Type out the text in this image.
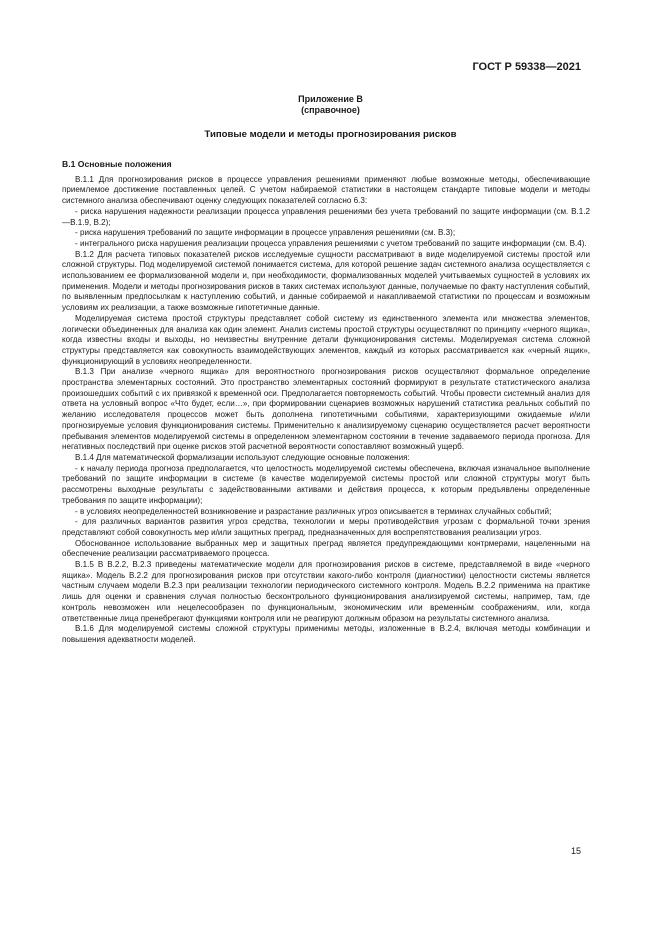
ГОСТ Р 59338—2021
Приложение В
(справочное)
Типовые модели и методы прогнозирования рисков
В.1 Основные положения

В.1.1 Для прогнозирования рисков в процессе управления решениями применяют любые возможные методы, обеспечивающие приемлемое достижение поставленных целей. С учетом набираемой статистики в настоящем стандарте типовые модели и методы системного анализа обеспечивают оценку следующих показателей согласно 6.3:

- риска нарушения надежности реализации процесса управления решениями без учета требований по защите информации (см. В.1.2—В.1.9, В.2);

- риска нарушения требований по защите информации в процессе управления решениями (см. В.3);

- интегрального риска нарушения реализации процесса управления решениями с учетом требований по защите информации (см. В.4).

В.1.2 Для расчета типовых показателей рисков исследуемые сущности рассматривают в виде моделируемой системы простой или сложной структуры. Под моделируемой системой понимается система, для которой решение задач системного анализа осуществляется с использованием ее формализованной модели и, при необходимости, формализованных моделей учитываемых сущностей в условиях их применения. Модели и методы прогнозирования рисков в таких системах используют данные, получаемые по факту наступления событий, по выявленным предпосылкам к наступлению событий, и данные собираемой и накапливаемой статистики по процессам и возможным условиям их реализации, а также возможные гипотетичные данные.

Моделируемая система простой структуры представляет собой систему из единственного элемента или множества элементов, логически объединенных для анализа как один элемент. Анализ системы простой структуры осуществляют по принципу «черного ящика», когда известны входы и выходы, но неизвестны внутренние детали функционирования системы. Моделируемая система сложной структуры представляется как совокупность взаимодействующих элементов, каждый из которых рассматривается как «черный ящик», функционирующий в условиях неопределенности.

В.1.3 При анализе «черного ящика» для вероятностного прогнозирования рисков осуществляют формальное определение пространства элементарных состояний. Это пространство элементарных состояний формируют в результате статистического анализа произошедших событий с их привязкой к временной оси. Предполагается повторяемость событий. Чтобы провести системный анализ для ответа на условный вопрос «Что будет, если…», при формировании сценариев возможных нарушений статистика реальных событий по желанию исследователя процессов может быть дополнена гипотетичными событиями, характеризующими ожидаемые и/или прогнозируемые условия функционирования системы. Применительно к анализируемому сценарию осуществляется расчет вероятности пребывания элементов моделируемой системы в определенном элементарном состоянии в течение задаваемого периода прогноза. Для негативных последствий при оценке рисков этой расчетной вероятности сопоставляют возможный ущерб.

В.1.4 Для математической формализации используют следующие основные положения:

- к началу периода прогноза предполагается, что целостность моделируемой системы обеспечена, включая изначальное выполнение требований по защите информации в системе (в качестве моделируемой системы простой или сложной структуры могут быть рассмотрены выходные результаты с задействованными активами и действия процесса, к которым предъявлены определенные требования по защите информации);

- в условиях неопределенностей возникновение и разрастание различных угроз описывается в терминах случайных событий;

- для различных вариантов развития угроз средства, технологии и меры противодействия угрозам с формальной точки зрения представляют собой совокупность мер и/или защитных преград, предназначенных для воспрепятствования реализации угроз.

Обоснованное использование выбранных мер и защитных преград является предупреждающими контрмерами, нацеленными на обеспечение реализации рассматриваемого процесса.

В.1.5 В В.2.2, В.2.3 приведены математические модели для прогнозирования рисков в системе, представляемой в виде «черного ящика». Модель В.2.2 для прогнозирования рисков при отсутствии какого-либо контроля (диагностики) целостности системы является частным случаем модели В.2.3 при реализации технологии периодического системного контроля. Модель В.2.2 применима на практике лишь для оценки и сравнения случая полностью бесконтрольного функционирования анализируемой системы, например, там, где контроль невозможен или нецелесообразен по функциональным, экономическим или временны́м соображениям, или, когда ответственные лица пренебрегают функциями контроля или не реагируют должным образом на результаты системного анализа.

В.1.6 Для моделируемой системы сложной структуры применимы методы, изложенные в В.2.4, включая методы комбинации и повышения адекватности моделей.

15
